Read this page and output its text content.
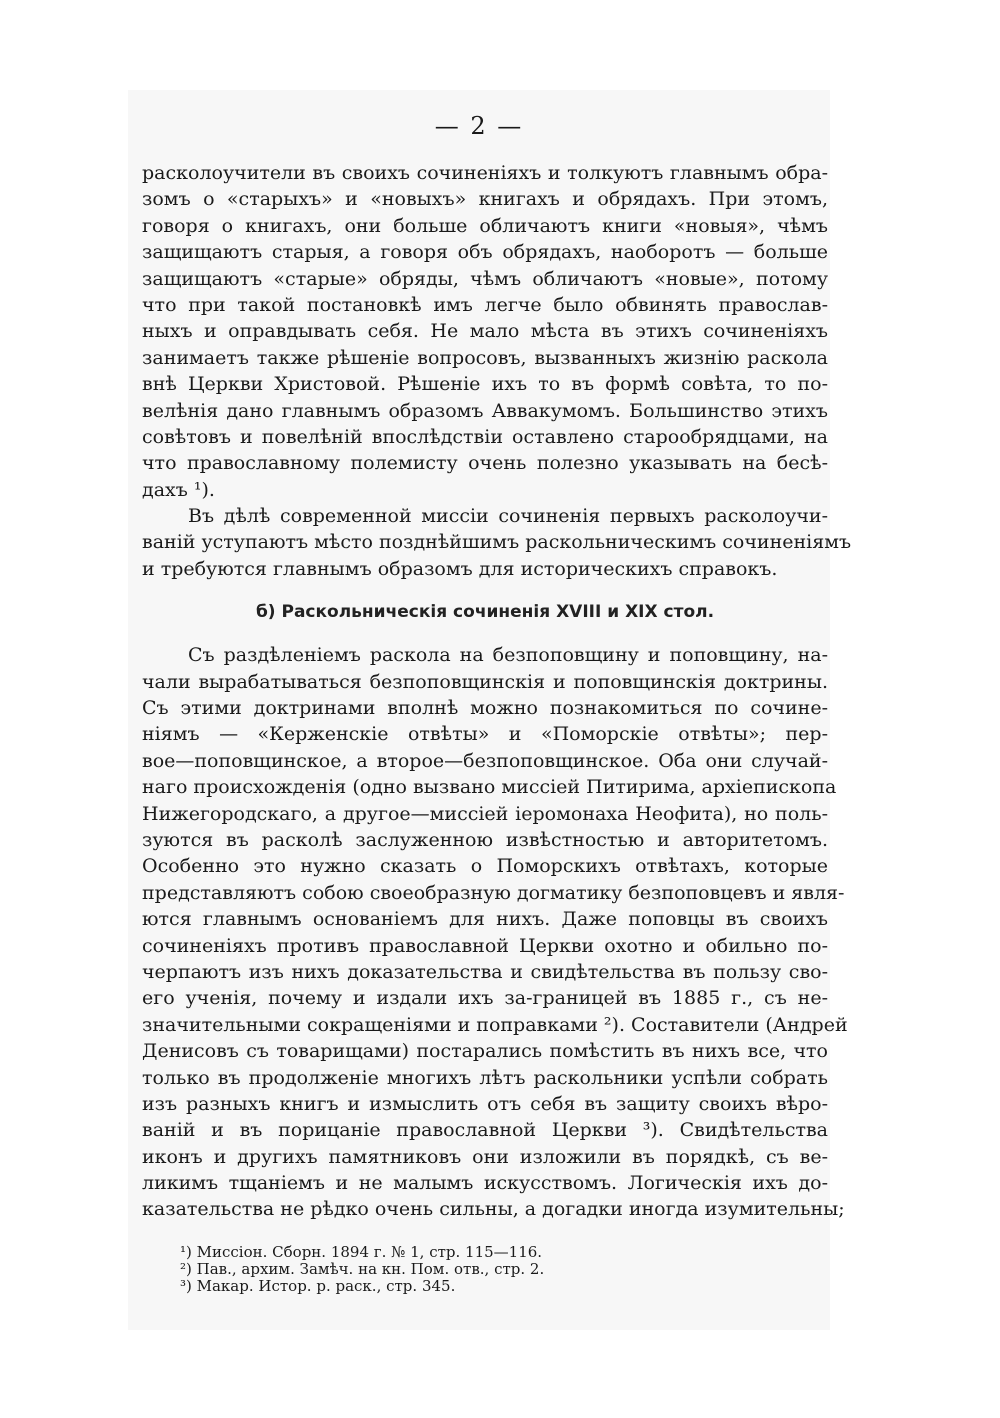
— 2 —
расколоучители въ своихъ сочиненіяхъ и толкуютъ главнымъ обра-
зомъ о «старыхъ» и «новыхъ» книгахъ и обрядахъ. При этомъ,
говоря о книгахъ, они больше обличаютъ книги «новыя», чѣмъ
защищаютъ старыя, а говоря объ обрядахъ, наоборотъ — больше
защищаютъ «старые» обряды, чѣмъ обличаютъ «новые», потому
что при такой постановкѣ имъ легче было обвинять православ-
ныхъ и оправдывать себя. Не мало мѣста въ этихъ сочиненіяхъ
занимаетъ также рѣшеніе вопросовъ, вызванныхъ жизнію раскола
внѣ Церкви Христовой. Рѣшеніе ихъ то въ формѣ совѣта, то по-
велѣнія дано главнымъ образомъ Аввакумомъ. Большинство этихъ
совѣтовъ и повелѣній впослѣдствіи оставлено старообрядцами, на
что православному полемисту очень полезно указывать на бесѣ-
дахъ ¹).
Въ дѣлѣ современной миссіи сочиненія первыхъ расколоучи-
ваній уступаютъ мѣсто позднѣйшимъ раскольническимъ сочиненіямъ
и требуются главнымъ образомъ для историческихъ справокъ.
б) Раскольническія сочиненія XVIII и XIX стол.
Съ раздѣленіемъ раскола на безпоповщину и поповщину, на-
чали вырабатываться безпоповщинскія и поповщинскія доктрины.
Съ этими доктринами вполнѣ можно познакомиться по сочине-
ніямъ — «Керженскіе отвѣты» и «Поморскіе отвѣты»; пер-
вое—поповщинское, а второе—безпоповщинское. Оба они случай-
наго происхожденія (одно вызвано миссіей Питирима, архіепископа
Нижегородскаго, а другое—миссіей іеромонаха Неофита), но поль-
зуются въ расколѣ заслуженною извѣстностью и авторитетомъ.
Особенно это нужно сказать о Поморскихъ отвѣтахъ, которые
представляютъ собою своеобразную догматику безпоповцевъ и явля-
ются главнымъ основаніемъ для нихъ. Даже поповцы въ своихъ
сочиненіяхъ противъ православной Церкви охотно и обильно по-
черпаютъ изъ нихъ доказательства и свидѣтельства въ пользу сво-
его ученія, почему и издали ихъ за-границей въ 1885 г., съ не-
значительными сокращеніями и поправками ²). Составители (Андрей
Денисовъ съ товарищами) постарались помѣстить въ нихъ все, что
только въ продолженіе многихъ лѣтъ раскольники успѣли собрать
изъ разныхъ книгъ и измыслить отъ себя въ защиту своихъ вѣро-
ваній и въ порицаніе православной Церкви ³). Свидѣтельства
иконъ и другихъ памятниковъ они изложили въ порядкѣ, съ ве-
ликимъ тщаніемъ и не малымъ искусствомъ. Логическія ихъ до-
казательства не рѣдко очень сильны, а догадки иногда изумительны;
¹) Миссіон. Сборн. 1894 г. № 1, стр. 115—116.
²) Пав., архим. Замѣч. на кн. Пом. отв., стр. 2.
³) Макар. Истор. р. раск., стр. 345.
